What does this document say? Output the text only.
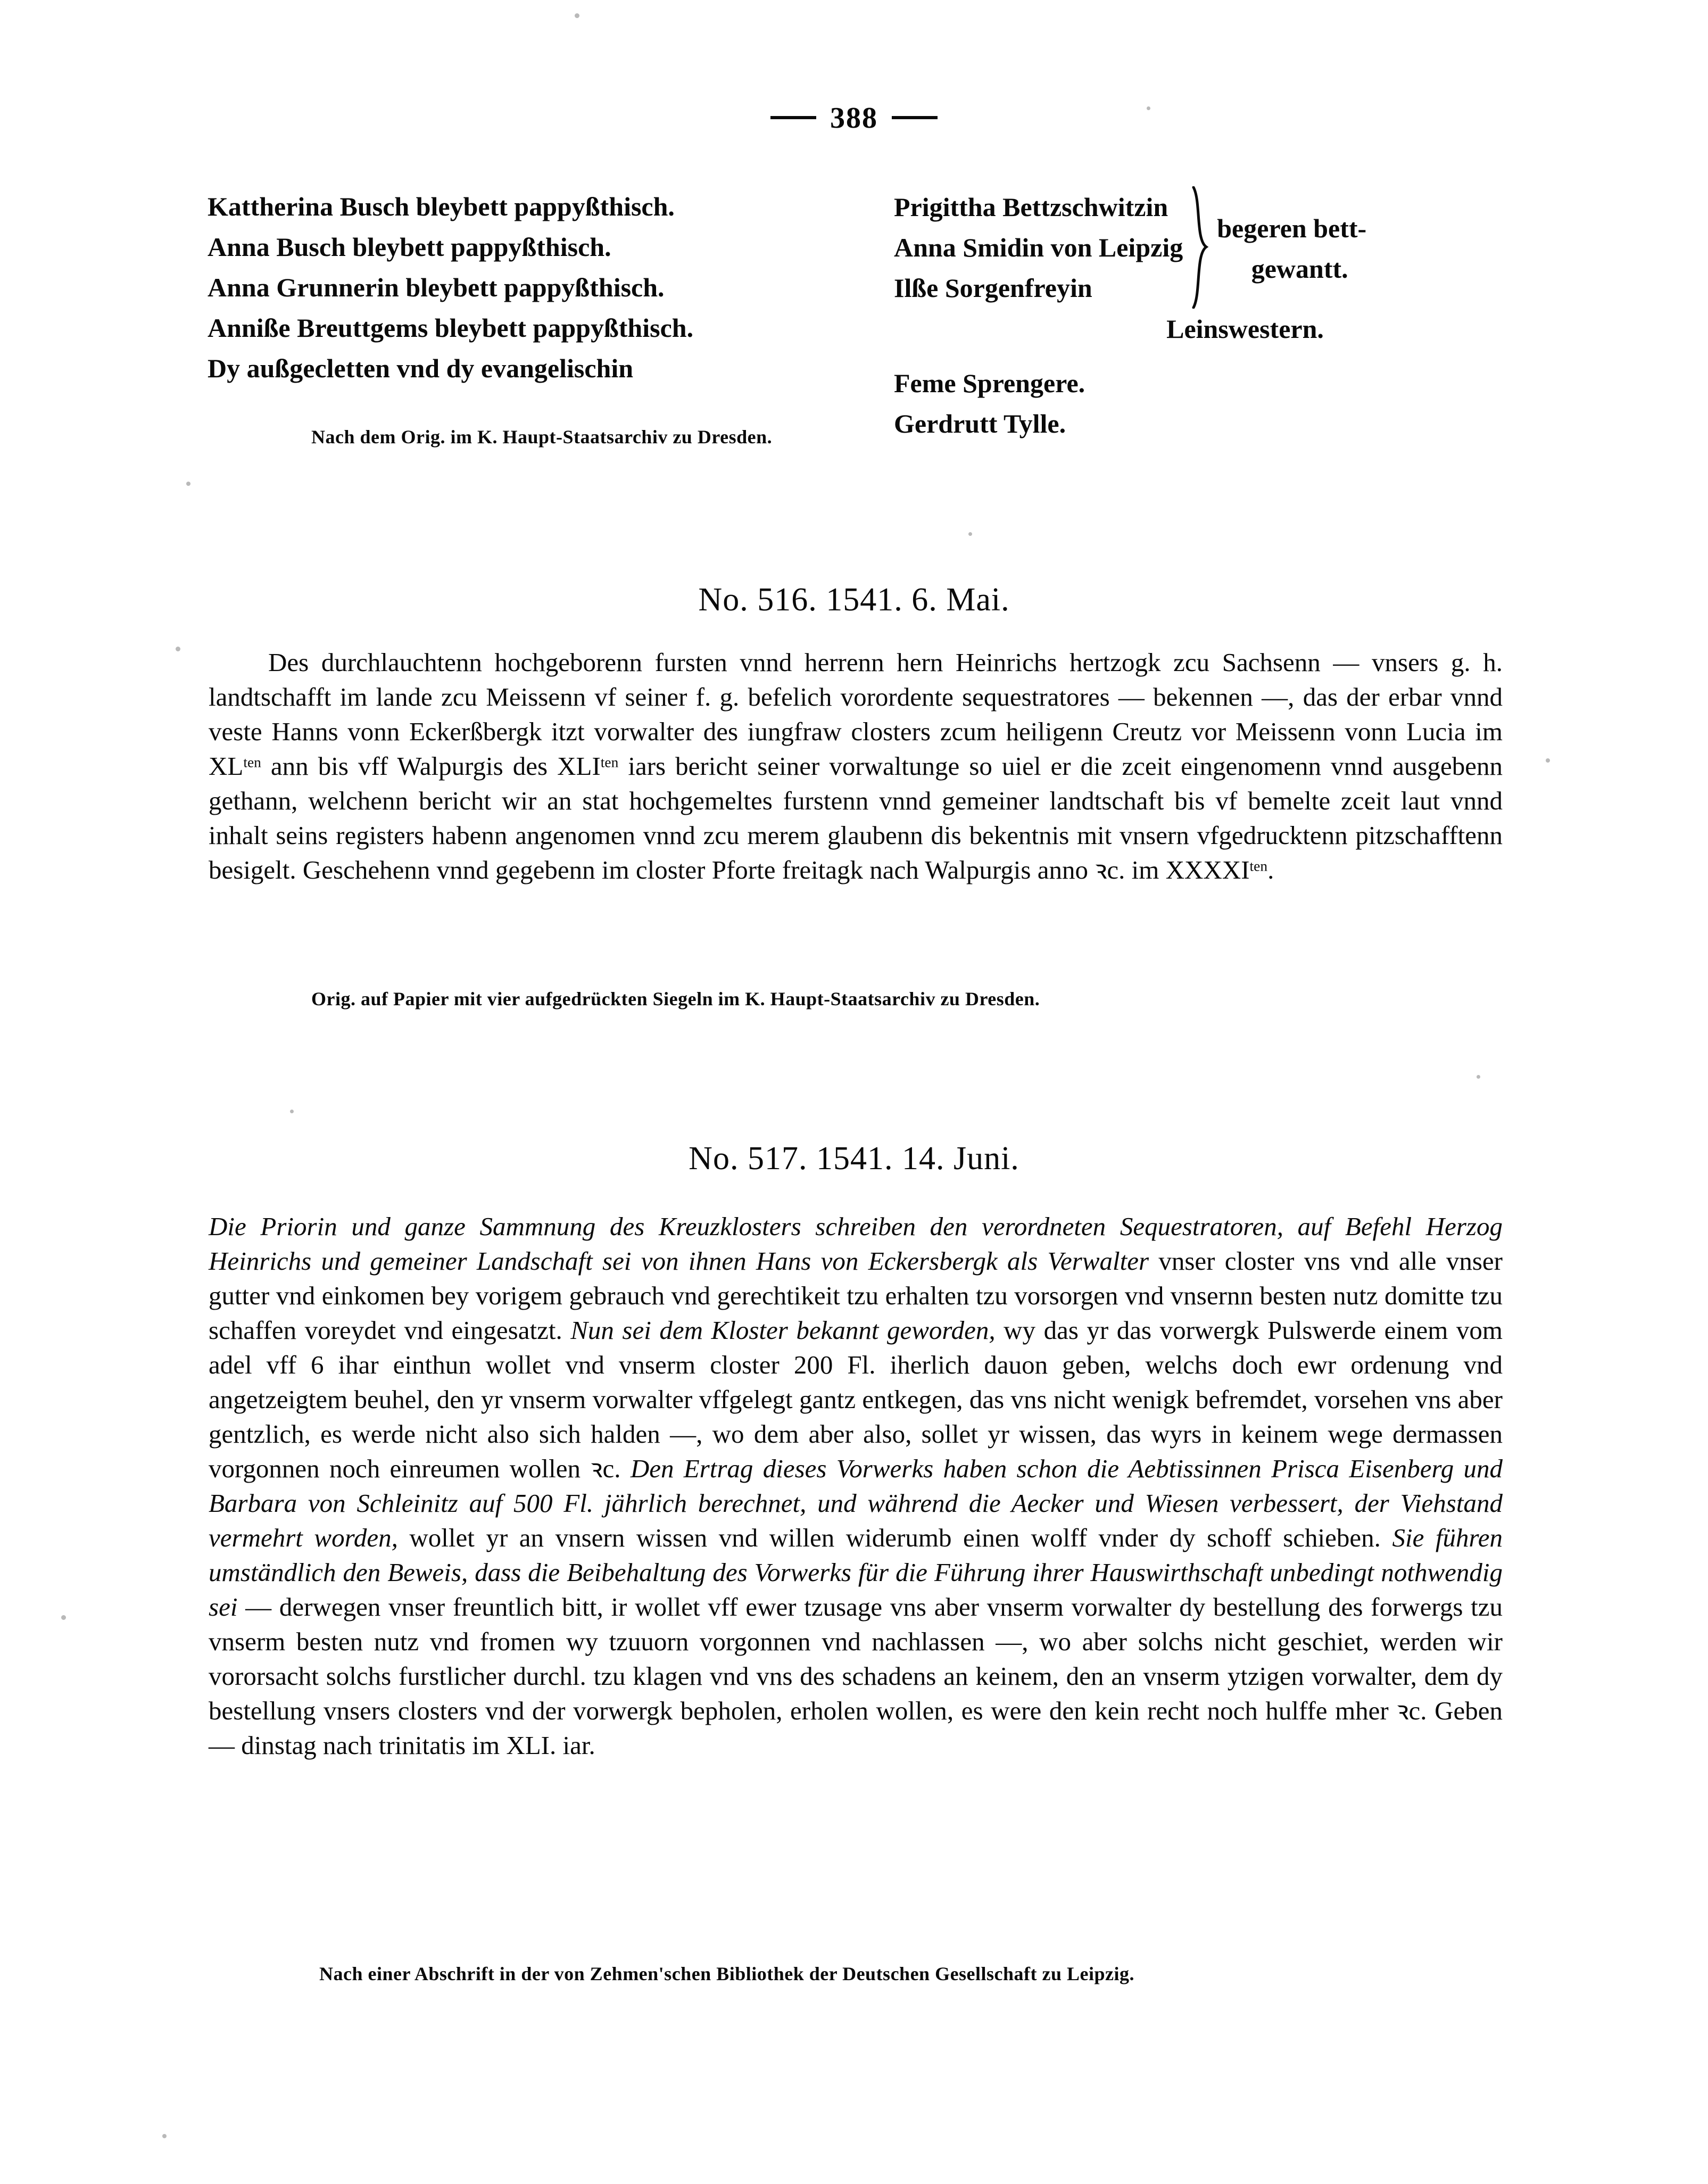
388
Kattherina Busch bleybett pappyßthisch.
Anna Busch bleybett pappyßthisch.
Anna Grunnerin bleybett pappyßthisch.
Anniße Breuttgems bleybett pappyßthisch.
Dy außgecletten vnd dy evangelischin
Prigittha Bettzschwitzin
Anna Smidin von Leipzig
Ilße Sorgenfreyin
begeren bett-
gewantt.
Leinswestern.
Feme Sprengere.
Gerdrutt Tylle.
Nach dem Orig. im K. Haupt-Staatsarchiv zu Dresden.
No. 516. 1541. 6. Mai.

Des durchlauchtenn hochgeborenn fursten vnnd herrenn hern Heinrichs hertzogk zcu Sachsenn — vnsers g. h. landtschafft im lande zcu Meissenn vf seiner f. g. befelich vorordente sequestratores — bekennen —, das der erbar vnnd veste Hanns vonn Eckerßbergk itzt vorwalter des iungfraw closters zcum heiligenn Creutz vor Meissenn vonn Lucia im $XL^{ten}$ ann bis vff Walpurgis des $XLI^{ten}$ iars bericht seiner vorwaltunge so uiel er die zceit eingenomenn vnnd ausgebenn gethann, welchenn bericht wir an stat hochgemeltes furstenn vnnd gemeiner landtschaft bis vf bemelte zceit laut vnnd inhalt seins registers habenn angenomen vnnd zcu merem glaubenn dis bekentnis mit vnsern vfgedrucktenn pitzschafftenn besigelt. Geschehenn vnnd gegebenn im closter Pforte freitagk nach Walpurgis anno ꝛc. im $XXXXI^{ten}$.

Orig. auf Papier mit vier aufgedrückten Siegeln im K. Haupt-Staatsarchiv zu Dresden.
No. 517. 1541. 14. Juni.

Die Priorin und ganze Sammnung des Kreuzklosters schreiben den verordneten Sequestratoren, auf Befehl Herzog Heinrichs und gemeiner Landschaft sei von ihnen Hans von Eckersbergk als Verwalter vnser closter vns vnd alle vnser gutter vnd einkomen bey vorigem gebrauch vnd gerechtikeit tzu erhalten tzu vorsorgen vnd vnsernn besten nutz domitte tzu schaffen voreydet vnd eingesatzt. Nun sei dem Kloster bekannt geworden, wy das yr das vorwergk Pulswerde einem vom adel vff 6 ihar einthun wollet vnd vnserm closter 200 Fl. iherlich dauon geben, welchs doch ewr ordenung vnd angetzeigtem beuhel, den yr vnserm vorwalter vffgelegt gantz entkegen, das vns nicht wenigk befremdet, vorsehen vns aber gentzlich, es werde nicht also sich halden —, wo dem aber also, sollet yr wissen, das wyrs in keinem wege dermassen vorgonnen noch einreumen wollen ꝛc. Den Ertrag dieses Vorwerks haben schon die Aebtissinnen Prisca Eisenberg und Barbara von Schleinitz auf 500 Fl. jährlich berechnet, und während die Aecker und Wiesen verbessert, der Viehstand vermehrt worden, wollet yr an vnsern wissen vnd willen widerumb einen wolff vnder dy schoff schieben. Sie führen umständlich den Beweis, dass die Beibehaltung des Vorwerks für die Führung ihrer Hauswirthschaft unbedingt nothwendig sei — derwegen vnser freuntlich bitt, ir wollet vff ewer tzusage vns aber vnserm vorwalter dy bestellung des forwergs tzu vnserm besten nutz vnd fromen wy tzuuorn vorgonnen vnd nachlassen —, wo aber solchs nicht geschiet, werden wir vororsacht solchs furstlicher durchl. tzu klagen vnd vns des schadens an keinem, den an vnserm ytzigen vorwalter, dem dy bestellung vnsers closters vnd der vorwergk bepholen, erholen wollen, es were den kein recht noch hulffe mher ꝛc. Geben — dinstag nach trinitatis im XLI. iar.

Nach einer Abschrift in der von Zehmen'schen Bibliothek der Deutschen Gesellschaft zu Leipzig.
